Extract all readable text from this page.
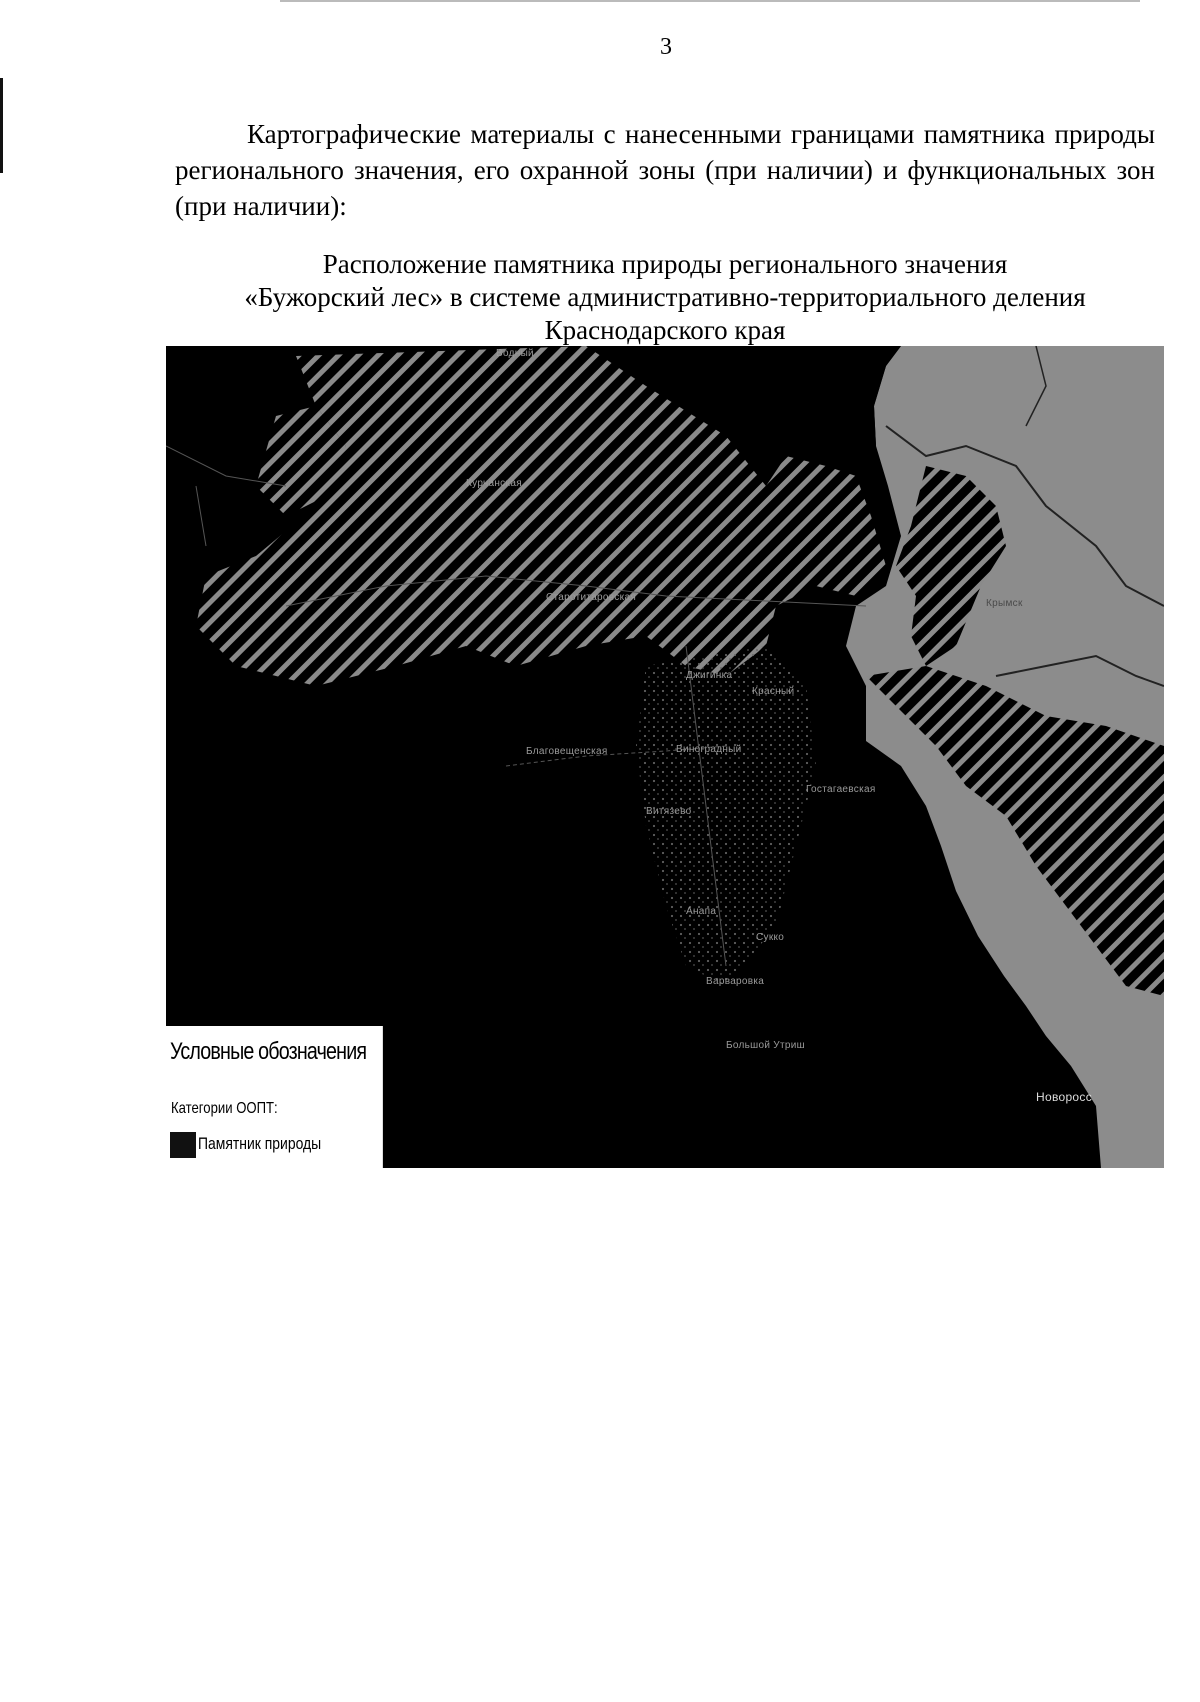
3

Картографические материалы с нанесенными границами памятника природы регионального значения, его охранной зоны (при наличии) и функциональных зон (при наличии):

Расположение памятника природы регионального значения
«Бужорский лес» в системе административно-территориального деления
Краснодарского края
Водный
Курчанская
Старотитаровская
Джигинка
Красный
Виноградный
Благовещенская
Гостагаевская
Витязево
Анапа
Сукко
Варваровка
Большой Утриш
Крымск
Новоросс
Условные обозначения
Категории ООПТ:
Памятник природы
